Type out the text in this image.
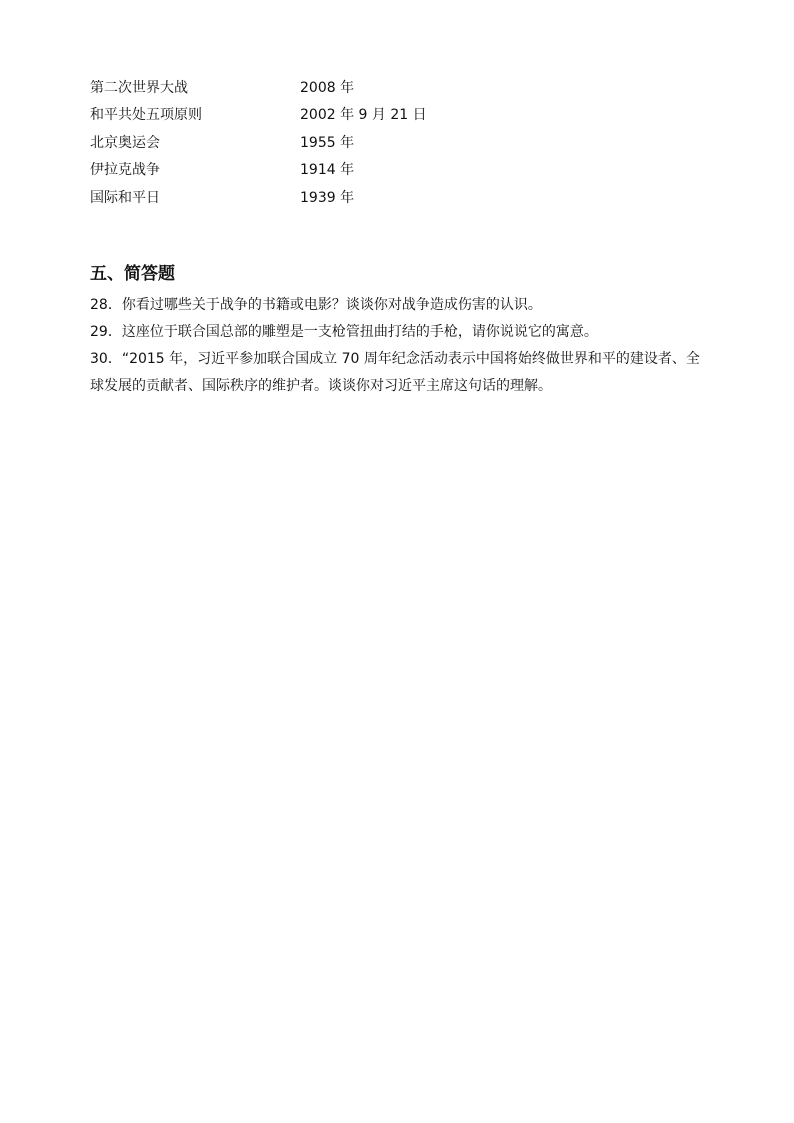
第二次世界大战	2008 年
和平共处五项原则	2002 年 9 月 21 日
北京奥运会	1955 年
伊拉克战争	1914 年
国际和平日	1939 年
五、简答题

28．你看过哪些关于战争的书籍或电影？谈谈你对战争造成伤害的认识。

29．这座位于联合国总部的雕塑是一支枪管扭曲打结的手枪，请你说说它的寓意。

30．“2015 年，习近平参加联合国成立 70 周年纪念活动表示中国将始终做世界和平的建设者、全球发展的贡献者、国际秩序的维护者。谈谈你对习近平主席这句话的理解。
